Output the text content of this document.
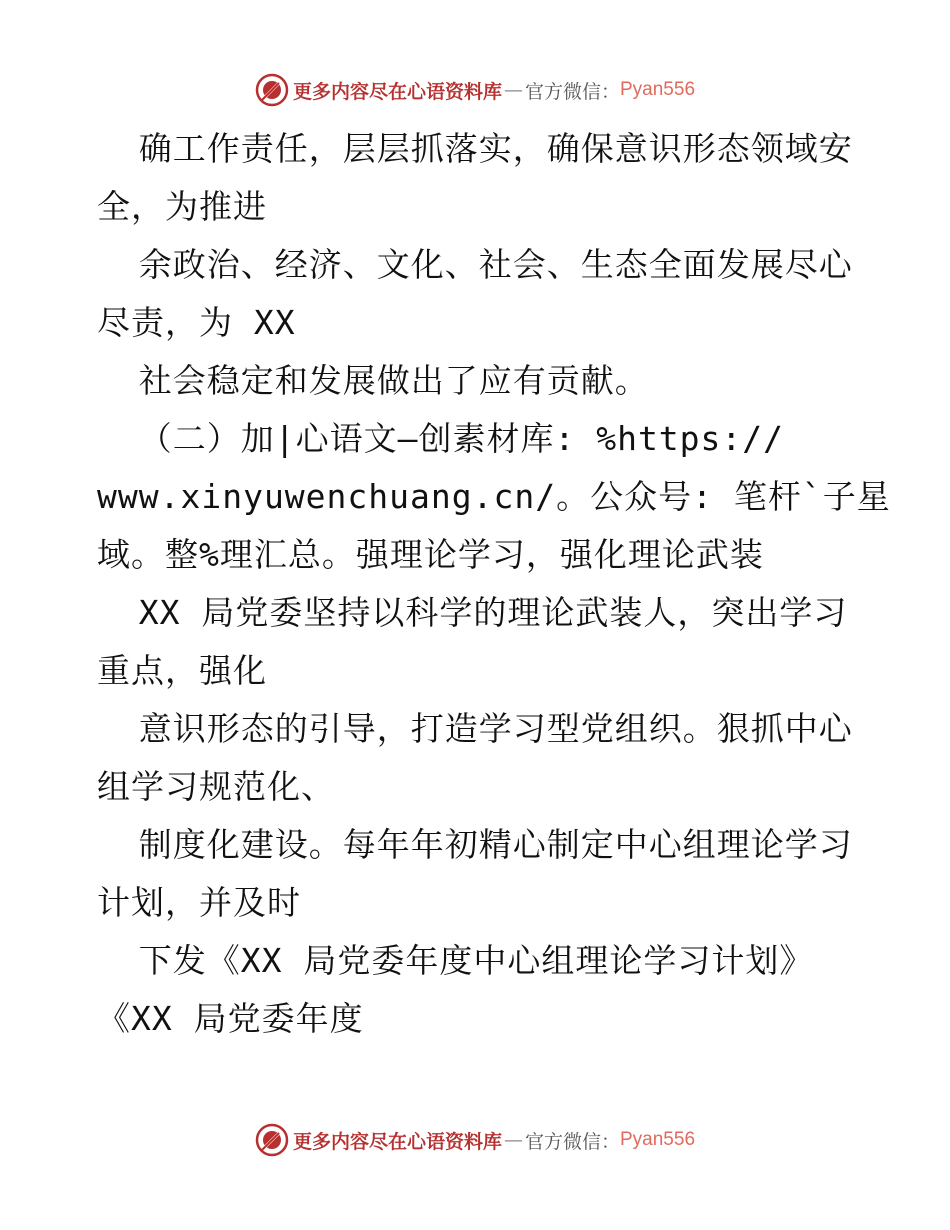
更多内容尽在心语资料库 — 官方微信： Pyan556
确工作责任，层层抓落实，确保意识形态领域安
全，为推进
余政治、经济、文化、社会、生态全面发展尽心
尽责，为 XX
社会稳定和发展做出了应有贡献。
（二）加|心语文—创素材库: %https://
www.xinyuwenchuang.cn/。公众号: 笔杆`子星
域。整%理汇总。强理论学习，强化理论武装
XX 局党委坚持以科学的理论武装人，突出学习
重点，强化
意识形态的引导，打造学习型党组织。狠抓中心
组学习规范化、
制度化建设。每年年初精心制定中心组理论学习
计划，并及时
下发《XX 局党委年度中心组理论学习计划》
《XX 局党委年度
更多内容尽在心语资料库 — 官方微信： Pyan556
